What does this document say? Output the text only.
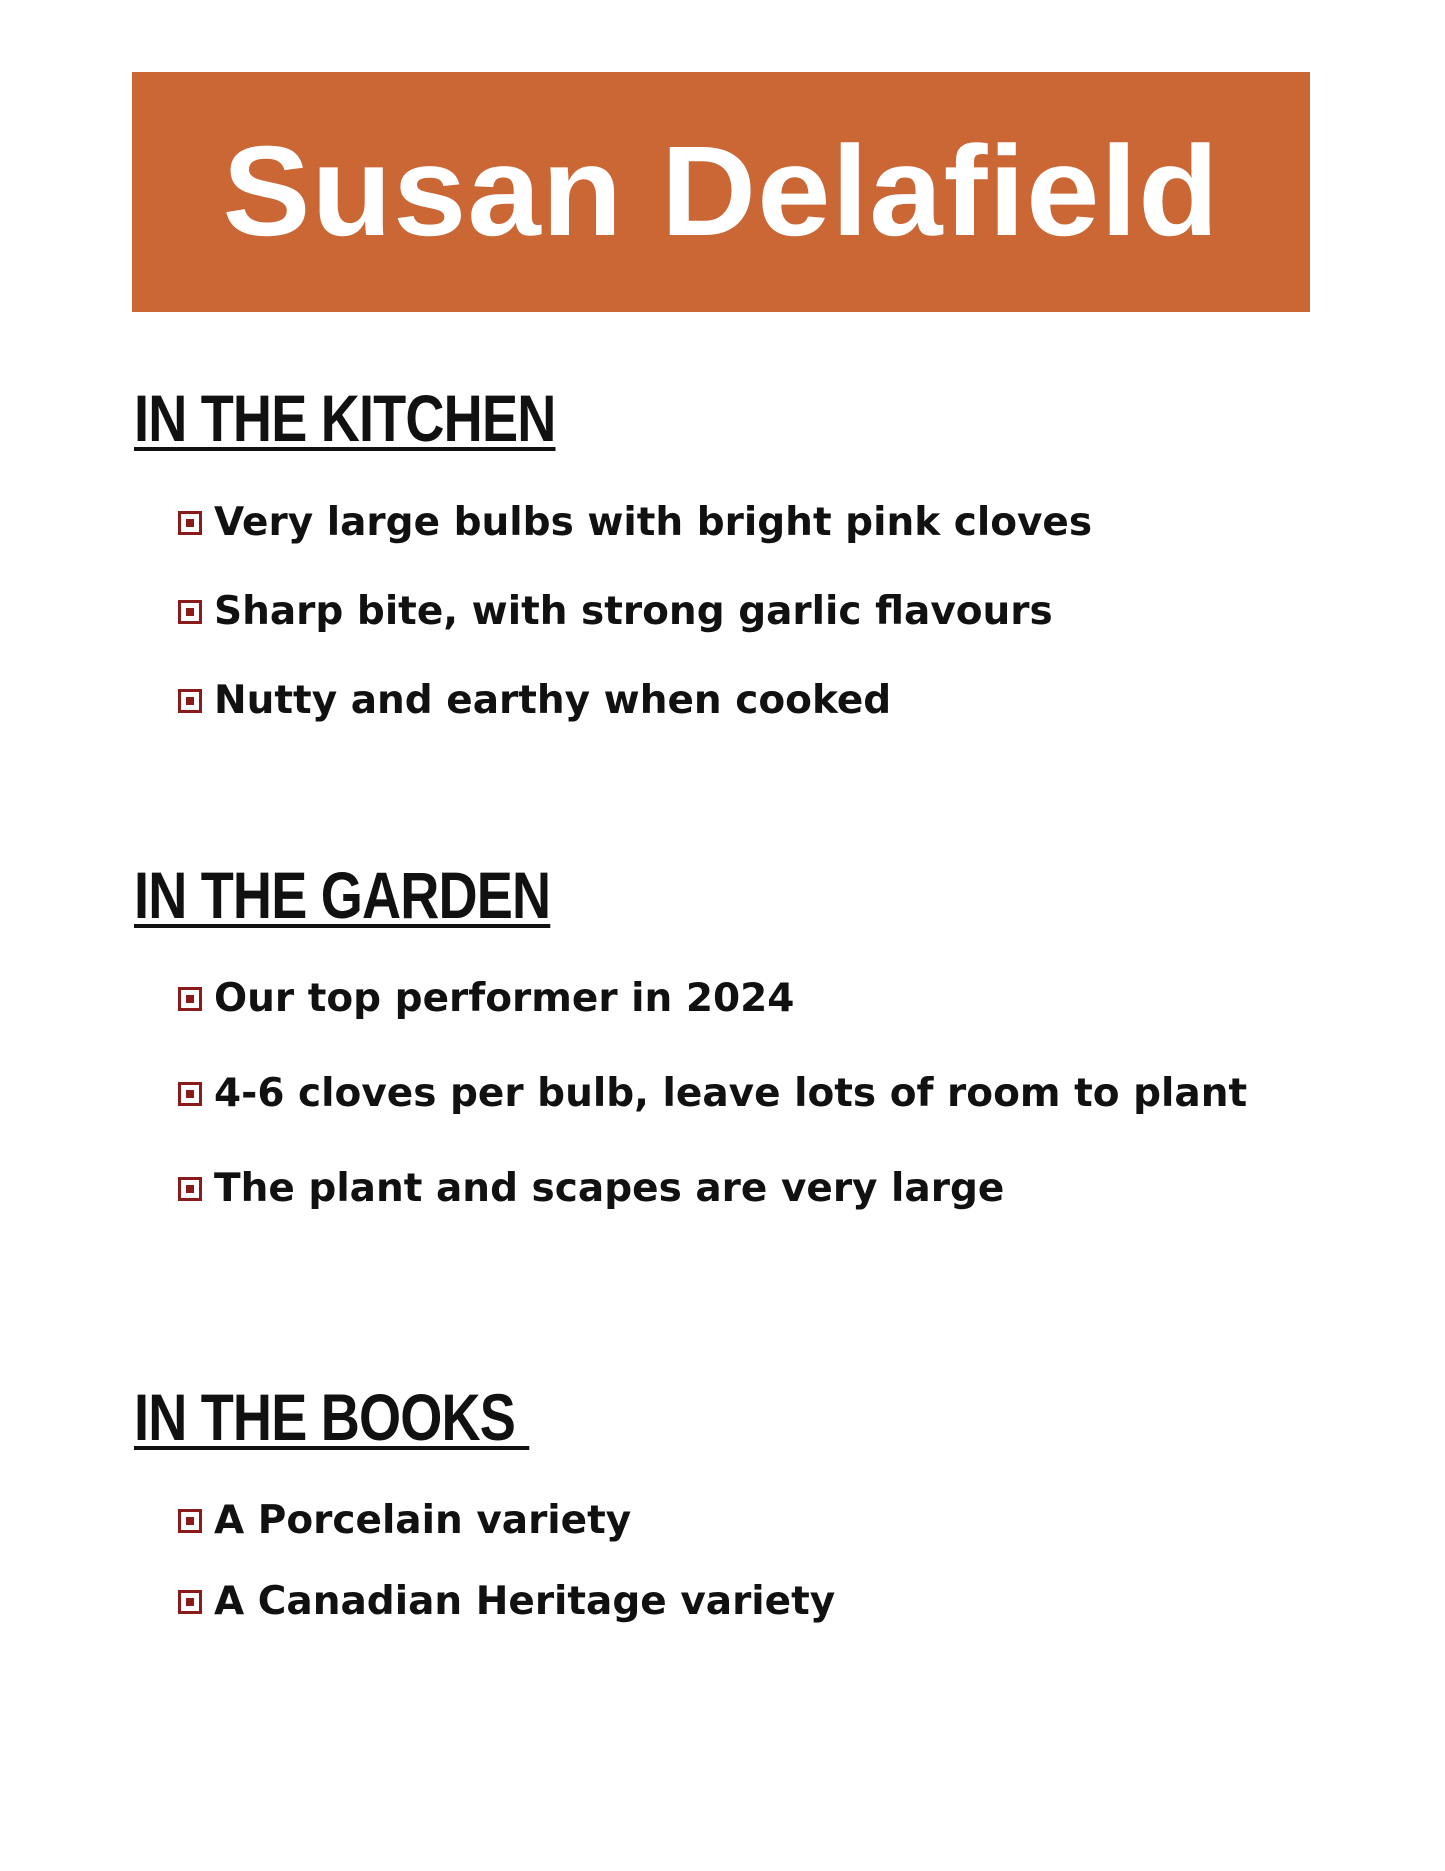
Susan Delafield
IN THE KITCHEN
Very large bulbs with bright pink cloves
Sharp bite, with strong garlic flavours
Nutty and earthy when cooked
IN THE GARDEN
Our top performer in 2024
4-6 cloves per bulb, leave lots of room to plant
The plant and scapes are very large
IN THE BOOKS
A Porcelain variety
A Canadian Heritage variety
